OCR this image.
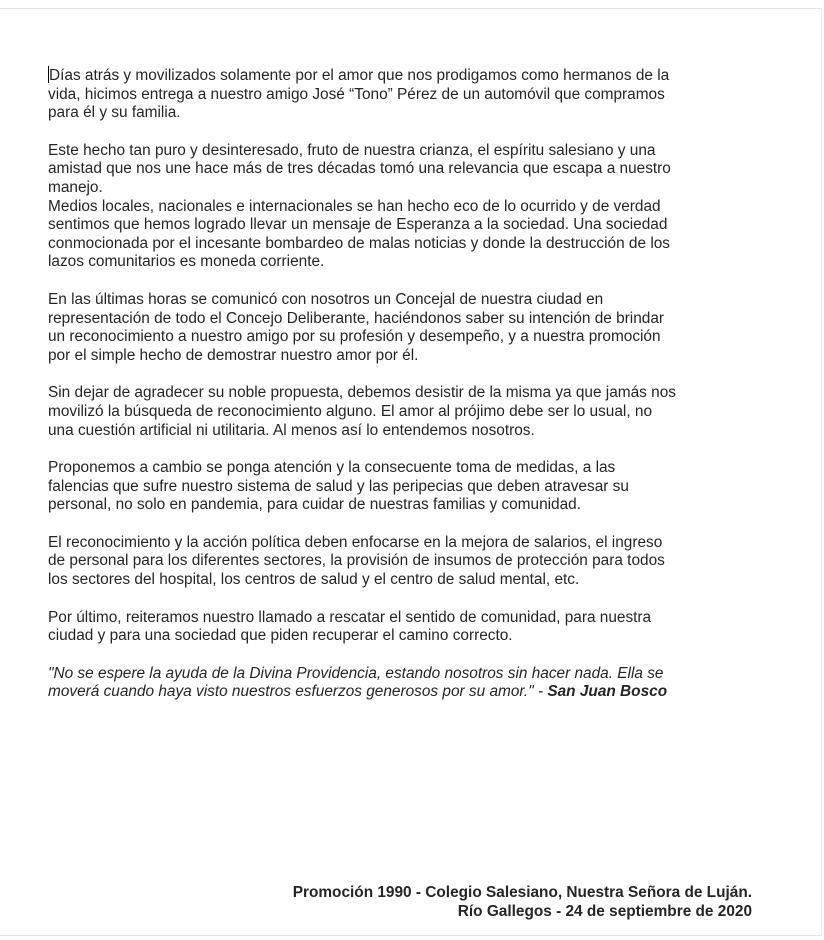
Días atrás y movilizados solamente por el amor que nos prodigamos como hermanos de la
vida, hicimos entrega a nuestro amigo José “Tono” Pérez de un automóvil que compramos
para él y su familia.

Este hecho tan puro y desinteresado, fruto de nuestra crianza, el espíritu salesiano y una
amistad que nos une hace más de tres décadas tomó una relevancia que escapa a nuestro
manejo.

Medios locales, nacionales e internacionales se han hecho eco de lo ocurrido y de verdad
sentimos que hemos logrado llevar un mensaje de Esperanza a la sociedad. Una sociedad
conmocionada por el incesante bombardeo de malas noticias y donde la destrucción de los
lazos comunitarios es moneda corriente.

En las últimas horas se comunicó con nosotros un Concejal de nuestra ciudad en
representación de todo el Concejo Deliberante, haciéndonos saber su intención de brindar
un reconocimiento a nuestro amigo por su profesión y desempeño, y a nuestra promoción
por el simple hecho de demostrar nuestro amor por él.

Sin dejar de agradecer su noble propuesta, debemos desistir de la misma ya que jamás nos
movilizó la búsqueda de reconocimiento alguno. El amor al prójimo debe ser lo usual, no
una cuestión artificial ni utilitaria. Al menos así lo entendemos nosotros.

Proponemos a cambio se ponga atención y la consecuente toma de medidas, a las
falencias que sufre nuestro sistema de salud y las peripecias que deben atravesar su
personal, no solo en pandemia, para cuidar de nuestras familias y comunidad.

El reconocimiento y la acción política deben enfocarse en la mejora de salarios, el ingreso
de personal para los diferentes sectores, la provisión de insumos de protección para todos
los sectores del hospital, los centros de salud y el centro de salud mental, etc.

Por último, reiteramos nuestro llamado a rescatar el sentido de comunidad, para nuestra
ciudad y para una sociedad que piden recuperar el camino correcto.

"No se espere la ayuda de la Divina Providencia, estando nosotros sin hacer nada. Ella se
moverá cuando haya visto nuestros esfuerzos generosos por su amor." - San Juan Bosco

Promoción 1990 - Colegio Salesiano, Nuestra Señora de Luján.
Río Gallegos - 24 de septiembre de 2020
